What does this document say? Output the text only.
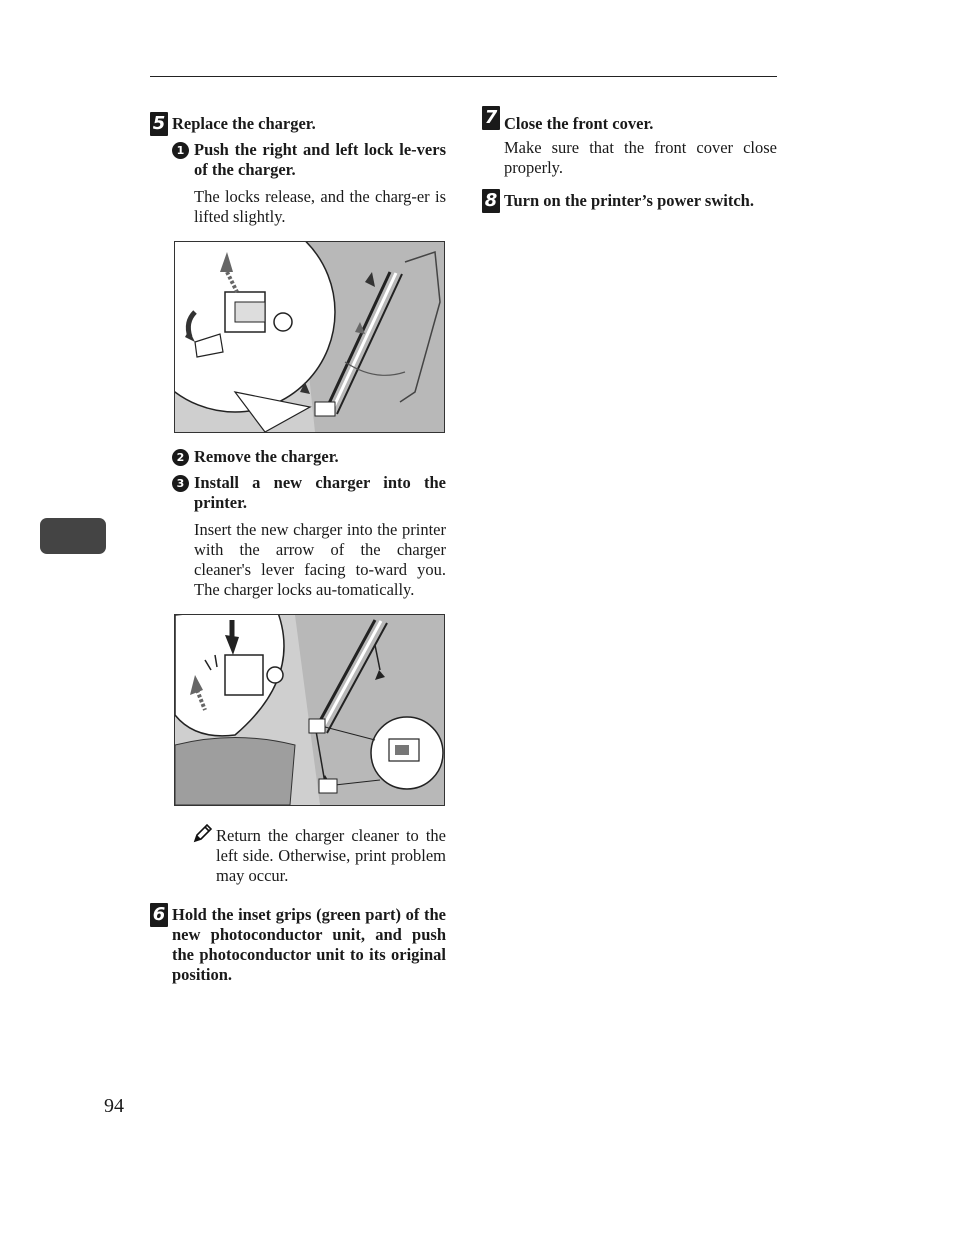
5 Replace the charger.
1 Push the right and left lock le-vers of the charger.
The locks release, and the charg-er is lifted slightly.
2 Remove the charger.
3 Install a new charger into the printer.
Insert the new charger into the printer with the arrow of the charger cleaner's lever facing to-ward you. The charger locks au-tomatically.
Return the charger cleaner to the left side. Otherwise, print problem may occur.
6 Hold the inset grips (green part) of the new photoconductor unit, and push the photoconductor unit to its original position.
7 Close the front cover.
Make sure that the front cover close properly.
8 Turn on the printer’s power switch.
94
